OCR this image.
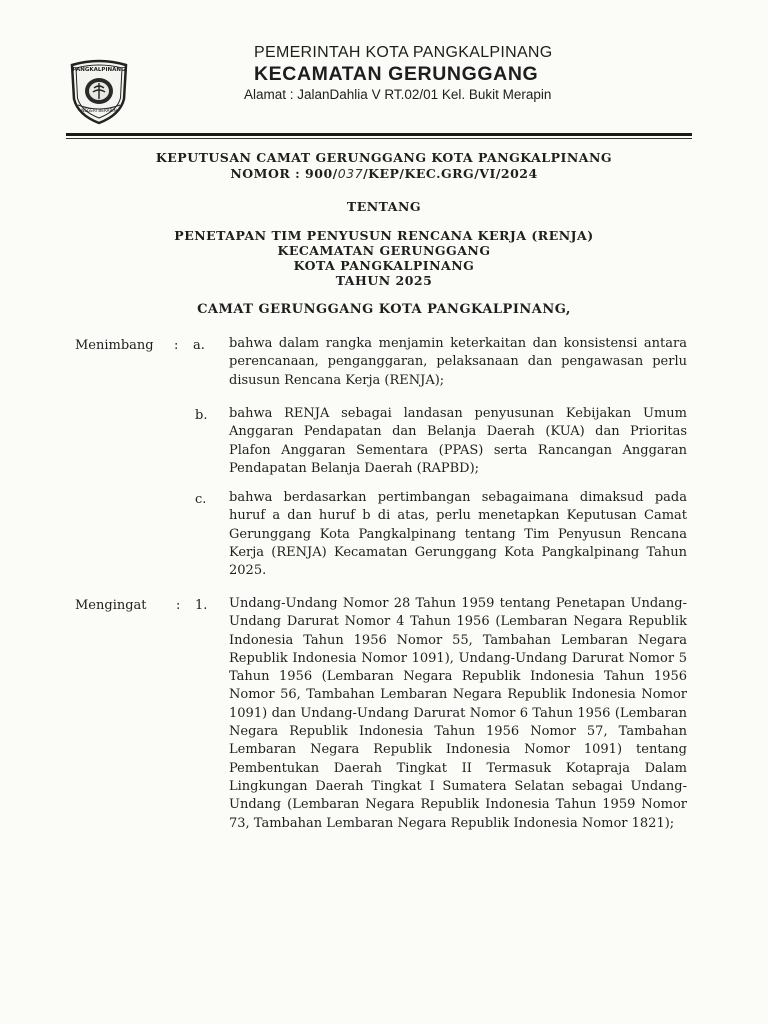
PANGKALPINANG
NEGERI BERARIN
PEMERINTAH KOTA PANGKALPINANG
KECAMATAN GERUNGGANG
Alamat : JalanDahlia V RT.02/01 Kel. Bukit Merapin
KEPUTUSAN CAMAT GERUNGGANG KOTA PANGKALPINANG
NOMOR : 900/037/KEP/KEC.GRG/VI/2024
TENTANG
PENETAPAN TIM PENYUSUN RENCANA KERJA (RENJA)
KECAMATAN GERUNGGANG
KOTA PANGKALPINANG
TAHUN 2025
CAMAT GERUNGGANG KOTA PANGKALPINANG,
Menimbang : a. bahwa dalam rangka menjamin keterkaitan dan konsistensi antara perencanaan, penganggaran, pelaksanaan dan pengawasan perlu disusun Rencana Kerja (RENJA);

b. bahwa RENJA sebagai landasan penyusunan Kebijakan Umum Anggaran Pendapatan dan Belanja Daerah (KUA) dan Prioritas Plafon Anggaran Sementara (PPAS) serta Rancangan Anggaran Pendapatan Belanja Daerah (RAPBD);

c. bahwa berdasarkan pertimbangan sebagaimana dimaksud pada huruf a dan huruf b di atas, perlu menetapkan Keputusan Camat Gerunggang Kota Pangkalpinang tentang Tim Penyusun Rencana Kerja (RENJA) Kecamatan Gerunggang Kota Pangkalpinang Tahun 2025.

Mengingat : 1. Undang-Undang Nomor 28 Tahun 1959 tentang Penetapan Undang-Undang Darurat Nomor 4 Tahun 1956 (Lembaran Negara Republik Indonesia Tahun 1956 Nomor 55, Tambahan Lembaran Negara Republik Indonesia Nomor 1091), Undang-Undang Darurat Nomor 5 Tahun 1956 (Lembaran Negara Republik Indonesia Tahun 1956 Nomor 56, Tambahan Lembaran Negara Republik Indonesia Nomor 1091) dan Undang-Undang Darurat Nomor 6 Tahun 1956 (Lembaran Negara Republik Indonesia Tahun 1956 Nomor 57, Tambahan Lembaran Negara Republik Indonesia Nomor 1091) tentang Pembentukan Daerah Tingkat II Termasuk Kotapraja Dalam Lingkungan Daerah Tingkat I Sumatera Selatan sebagai Undang-Undang (Lembaran Negara Republik Indonesia Tahun 1959 Nomor 73, Tambahan Lembaran Negara Republik Indonesia Nomor 1821);
